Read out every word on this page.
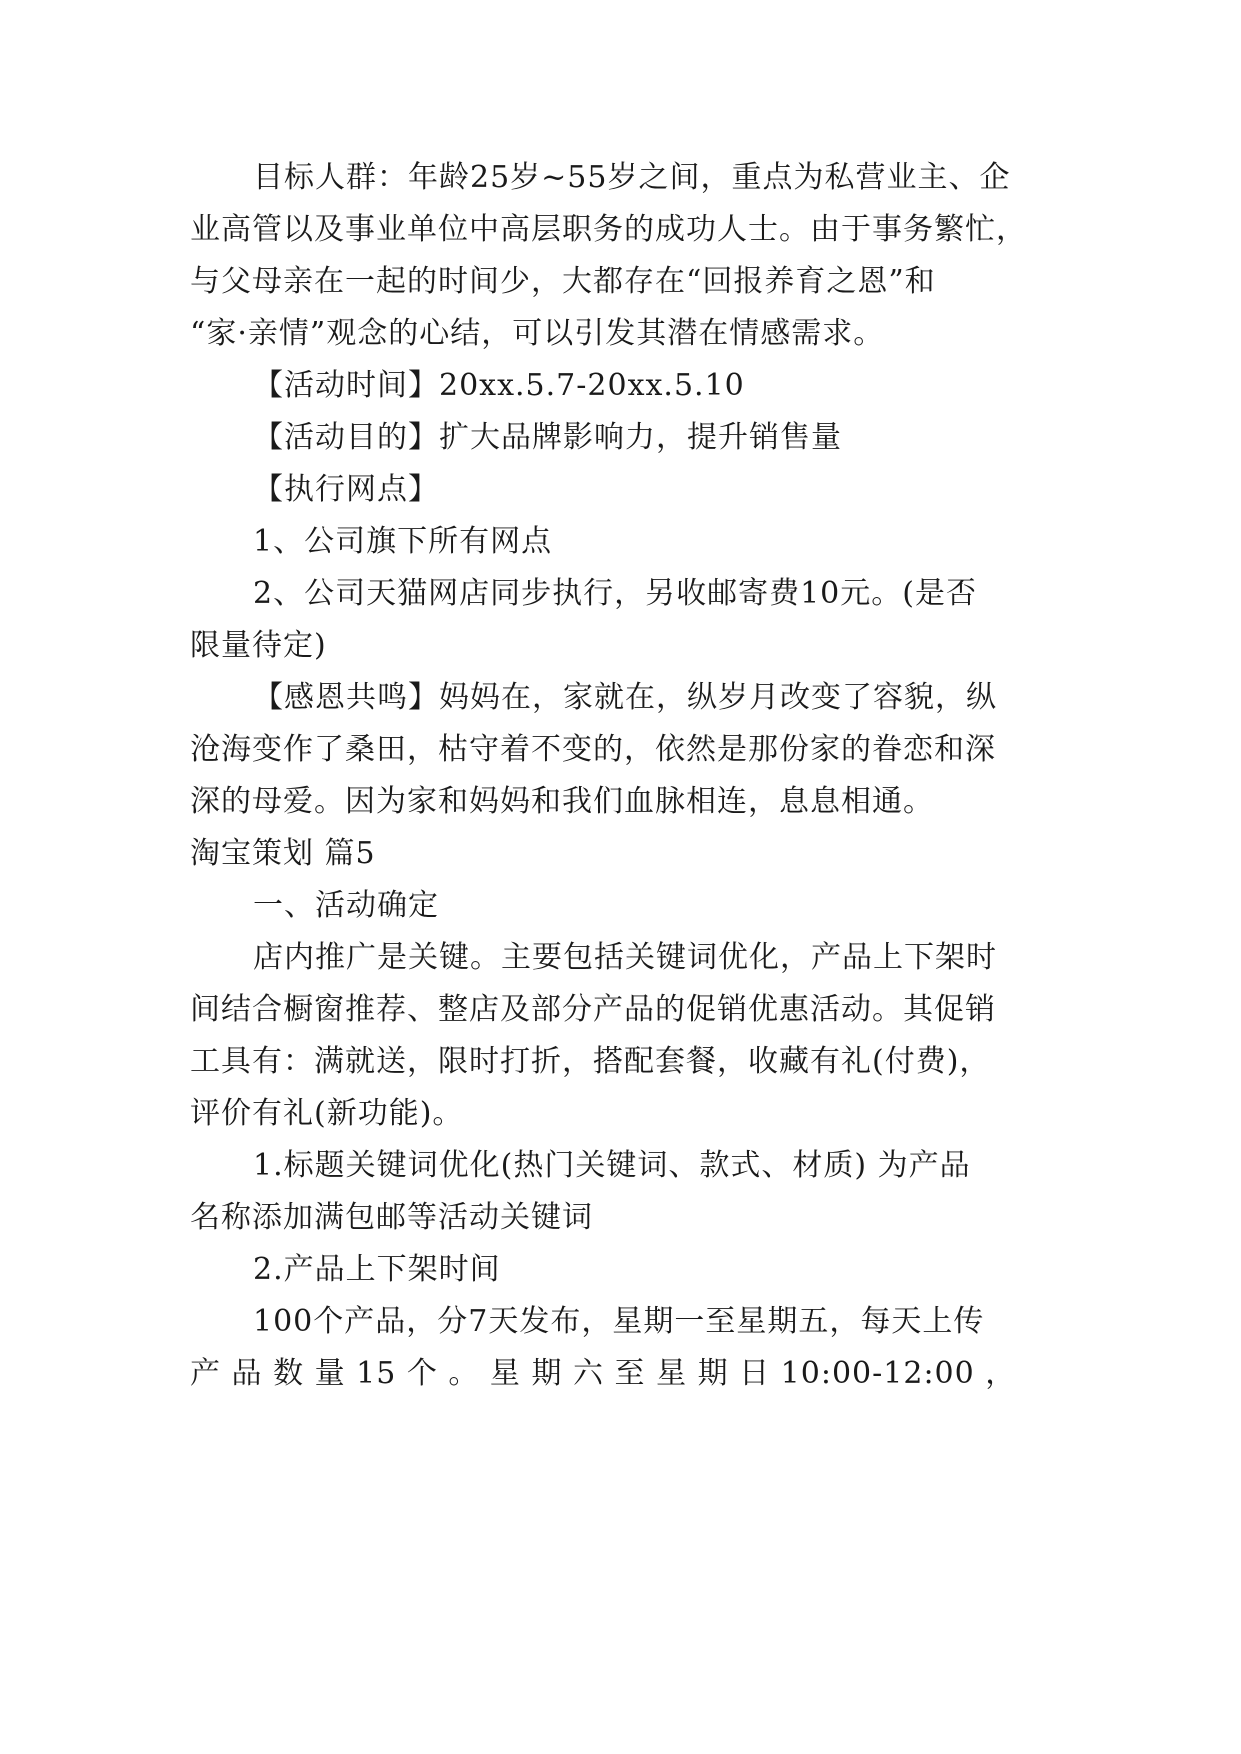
目标人群：年龄25岁~55岁之间，重点为私营业主、企
业高管以及事业单位中高层职务的成功人士。由于事务繁忙，
与父母亲在一起的时间少，大都存在“回报养育之恩”和
“家·亲情”观念的心结，可以引发其潜在情感需求。
【活动时间】20xx.5.7-20xx.5.10
【活动目的】扩大品牌影响力，提升销售量
【执行网点】
1、公司旗下所有网点
2、公司天猫网店同步执行，另收邮寄费10元。(是否
限量待定)
【感恩共鸣】妈妈在，家就在，纵岁月改变了容貌，纵
沧海变作了桑田，枯守着不变的，依然是那份家的眷恋和深
深的母爱。因为家和妈妈和我们血脉相连，息息相通。
淘宝策划 篇5
一、活动确定
店内推广是关键。主要包括关键词优化，产品上下架时
间结合橱窗推荐、整店及部分产品的促销优惠活动。其促销
工具有：满就送，限时打折，搭配套餐，收藏有礼(付费)，
评价有礼(新功能)。
1.标题关键词优化(热门关键词、款式、材质) 为产品
名称添加满包邮等活动关键词
2.产品上下架时间
100个产品，分7天发布，星期一至星期五，每天上传
产 品 数 量 15 个 。 星 期 六 至 星 期 日 10:00-12:00 ，
